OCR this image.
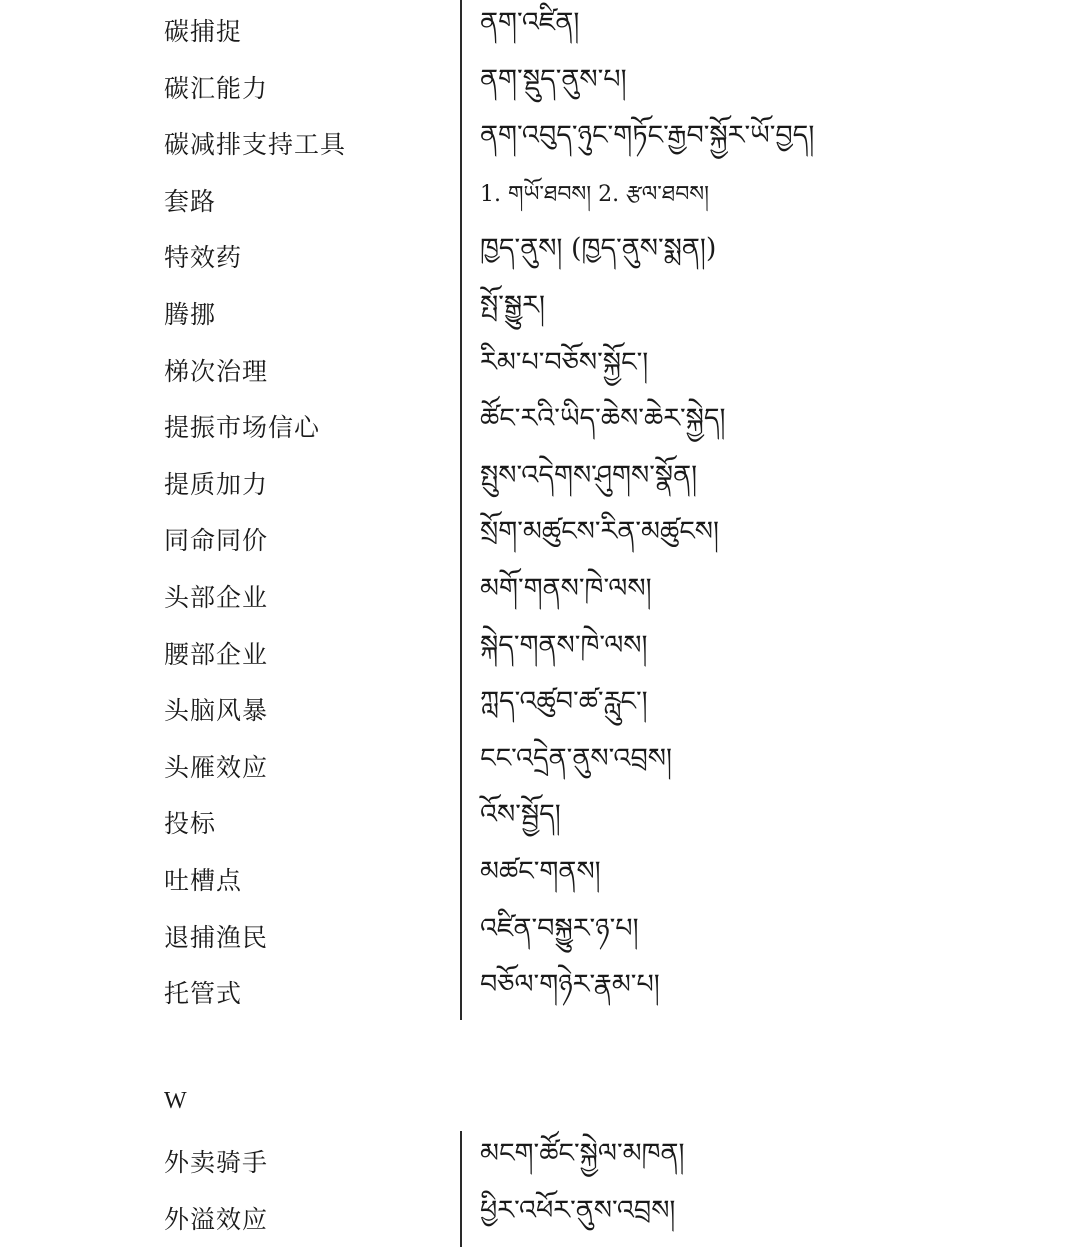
碳捕捉	ནག་འཛིན།
碳汇能力	ནག་སྡུད་ནུས་པ།
碳减排支持工具	ནག་འབུད་ཉུང་གཏོང་རྒྱབ་སྐྱོར་ཡོ་བྱད།
套路	1. གཡོ་ཐབས། 2. རྩལ་ཐབས།
特效药	ཁྱད་ནུས། (ཁྱད་ནུས་སྨན།)
腾挪	སྤོ་སྒྱུར།
梯次治理	རིམ་པ་བཅོས་སྐྱོང་།
提振市场信心	ཚོང་རའི་ཡིད་ཆེས་ཆེར་སྐྱེད།
提质加力	སྤུས་འདེགས་ཤུགས་སྣོན།
同命同价	སྲོག་མཚུངས་རིན་མཚུངས།
头部企业	མགོ་གནས་ཁེ་ལས།
腰部企业	སྐེད་གནས་ཁེ་ལས།
头脑风暴	ཀླད་འཚུབ་ཚ་རླུང་།
头雁效应	ངང་འདྲེན་ནུས་འབྲས།
投标	འོས་སྦྱོད།
吐槽点	མཚང་གནས།
退捕渔民	འཛིན་བསྐྱུར་ཉ་པ།
托管式	བཅོལ་གཉེར་རྣམ་པ།
W
外卖骑手	མངག་ཚོང་སྐྱེལ་མཁན།
外溢效应	ཕྱིར་འཕོར་ནུས་འབྲས།
